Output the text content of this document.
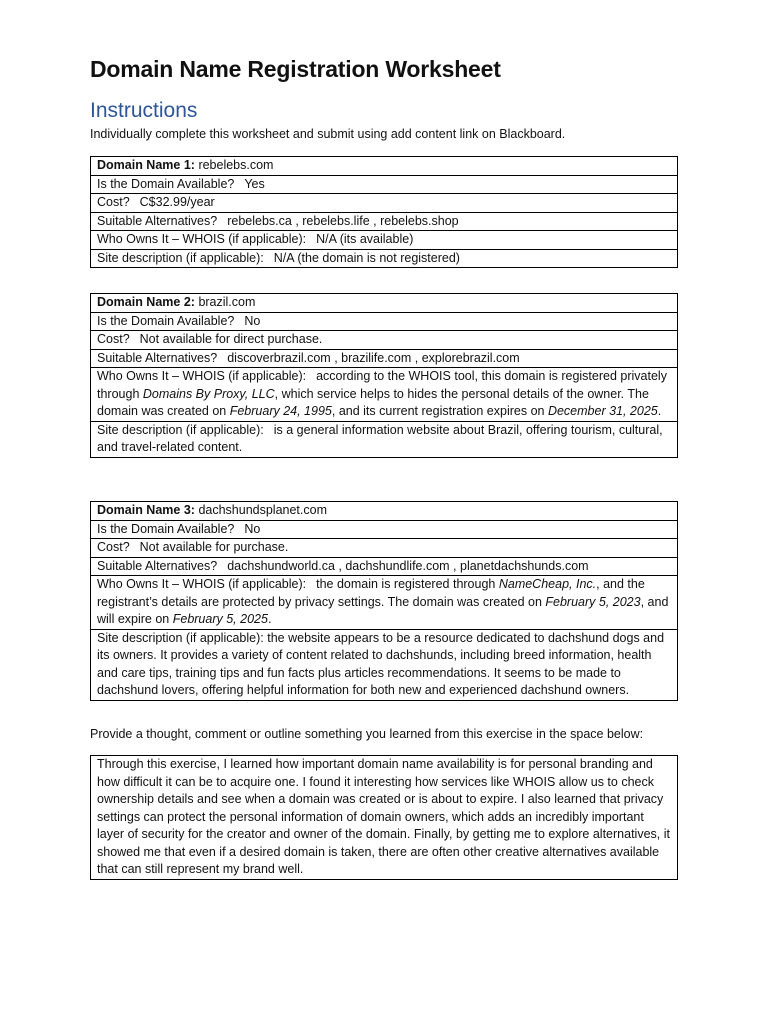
Domain Name Registration Worksheet
Instructions
Individually complete this worksheet and submit using add content link on Blackboard.
Domain Name 1: rebelebs.com
Is the Domain Available? Yes
Cost? C$32.99/year
Suitable Alternatives? rebelebs.ca , rebelebs.life , rebelebs.shop
Who Owns It – WHOIS (if applicable): N/A (its available)
Site description (if applicable): N/A (the domain is not registered)
Domain Name 2: brazil.com
Is the Domain Available? No
Cost? Not available for direct purchase.
Suitable Alternatives? discoverbrazil.com , brazilife.com , explorebrazil.com
Who Owns It – WHOIS (if applicable): according to the WHOIS tool, this domain is registered privately through Domains By Proxy, LLC, which service helps to hides the personal details of the owner. The domain was created on February 24, 1995, and its current registration expires on December 31, 2025.
Site description (if applicable): is a general information website about Brazil, offering tourism, cultural, and travel-related content.
Domain Name 3: dachshundsplanet.com
Is the Domain Available? No
Cost? Not available for purchase.
Suitable Alternatives? dachshundworld.ca , dachshundlife.com , planetdachshunds.com
Who Owns It – WHOIS (if applicable): the domain is registered through NameCheap, Inc., and the registrant’s details are protected by privacy settings. The domain was created on February 5, 2023, and will expire on February 5, 2025.
Site description (if applicable): the website appears to be a resource dedicated to dachshund dogs and its owners. It provides a variety of content related to dachshunds, including breed information, health and care tips, training tips and fun facts plus articles recommendations. It seems to be made to dachshund lovers, offering helpful information for both new and experienced dachshund owners.
Provide a thought, comment or outline something you learned from this exercise in the space below:
Through this exercise, I learned how important domain name availability is for personal branding and how difficult it can be to acquire one. I found it interesting how services like WHOIS allow us to check ownership details and see when a domain was created or is about to expire. I also learned that privacy settings can protect the personal information of domain owners, which adds an incredibly important layer of security for the creator and owner of the domain. Finally, by getting me to explore alternatives, it showed me that even if a desired domain is taken, there are often other creative alternatives available that can still represent my brand well.
